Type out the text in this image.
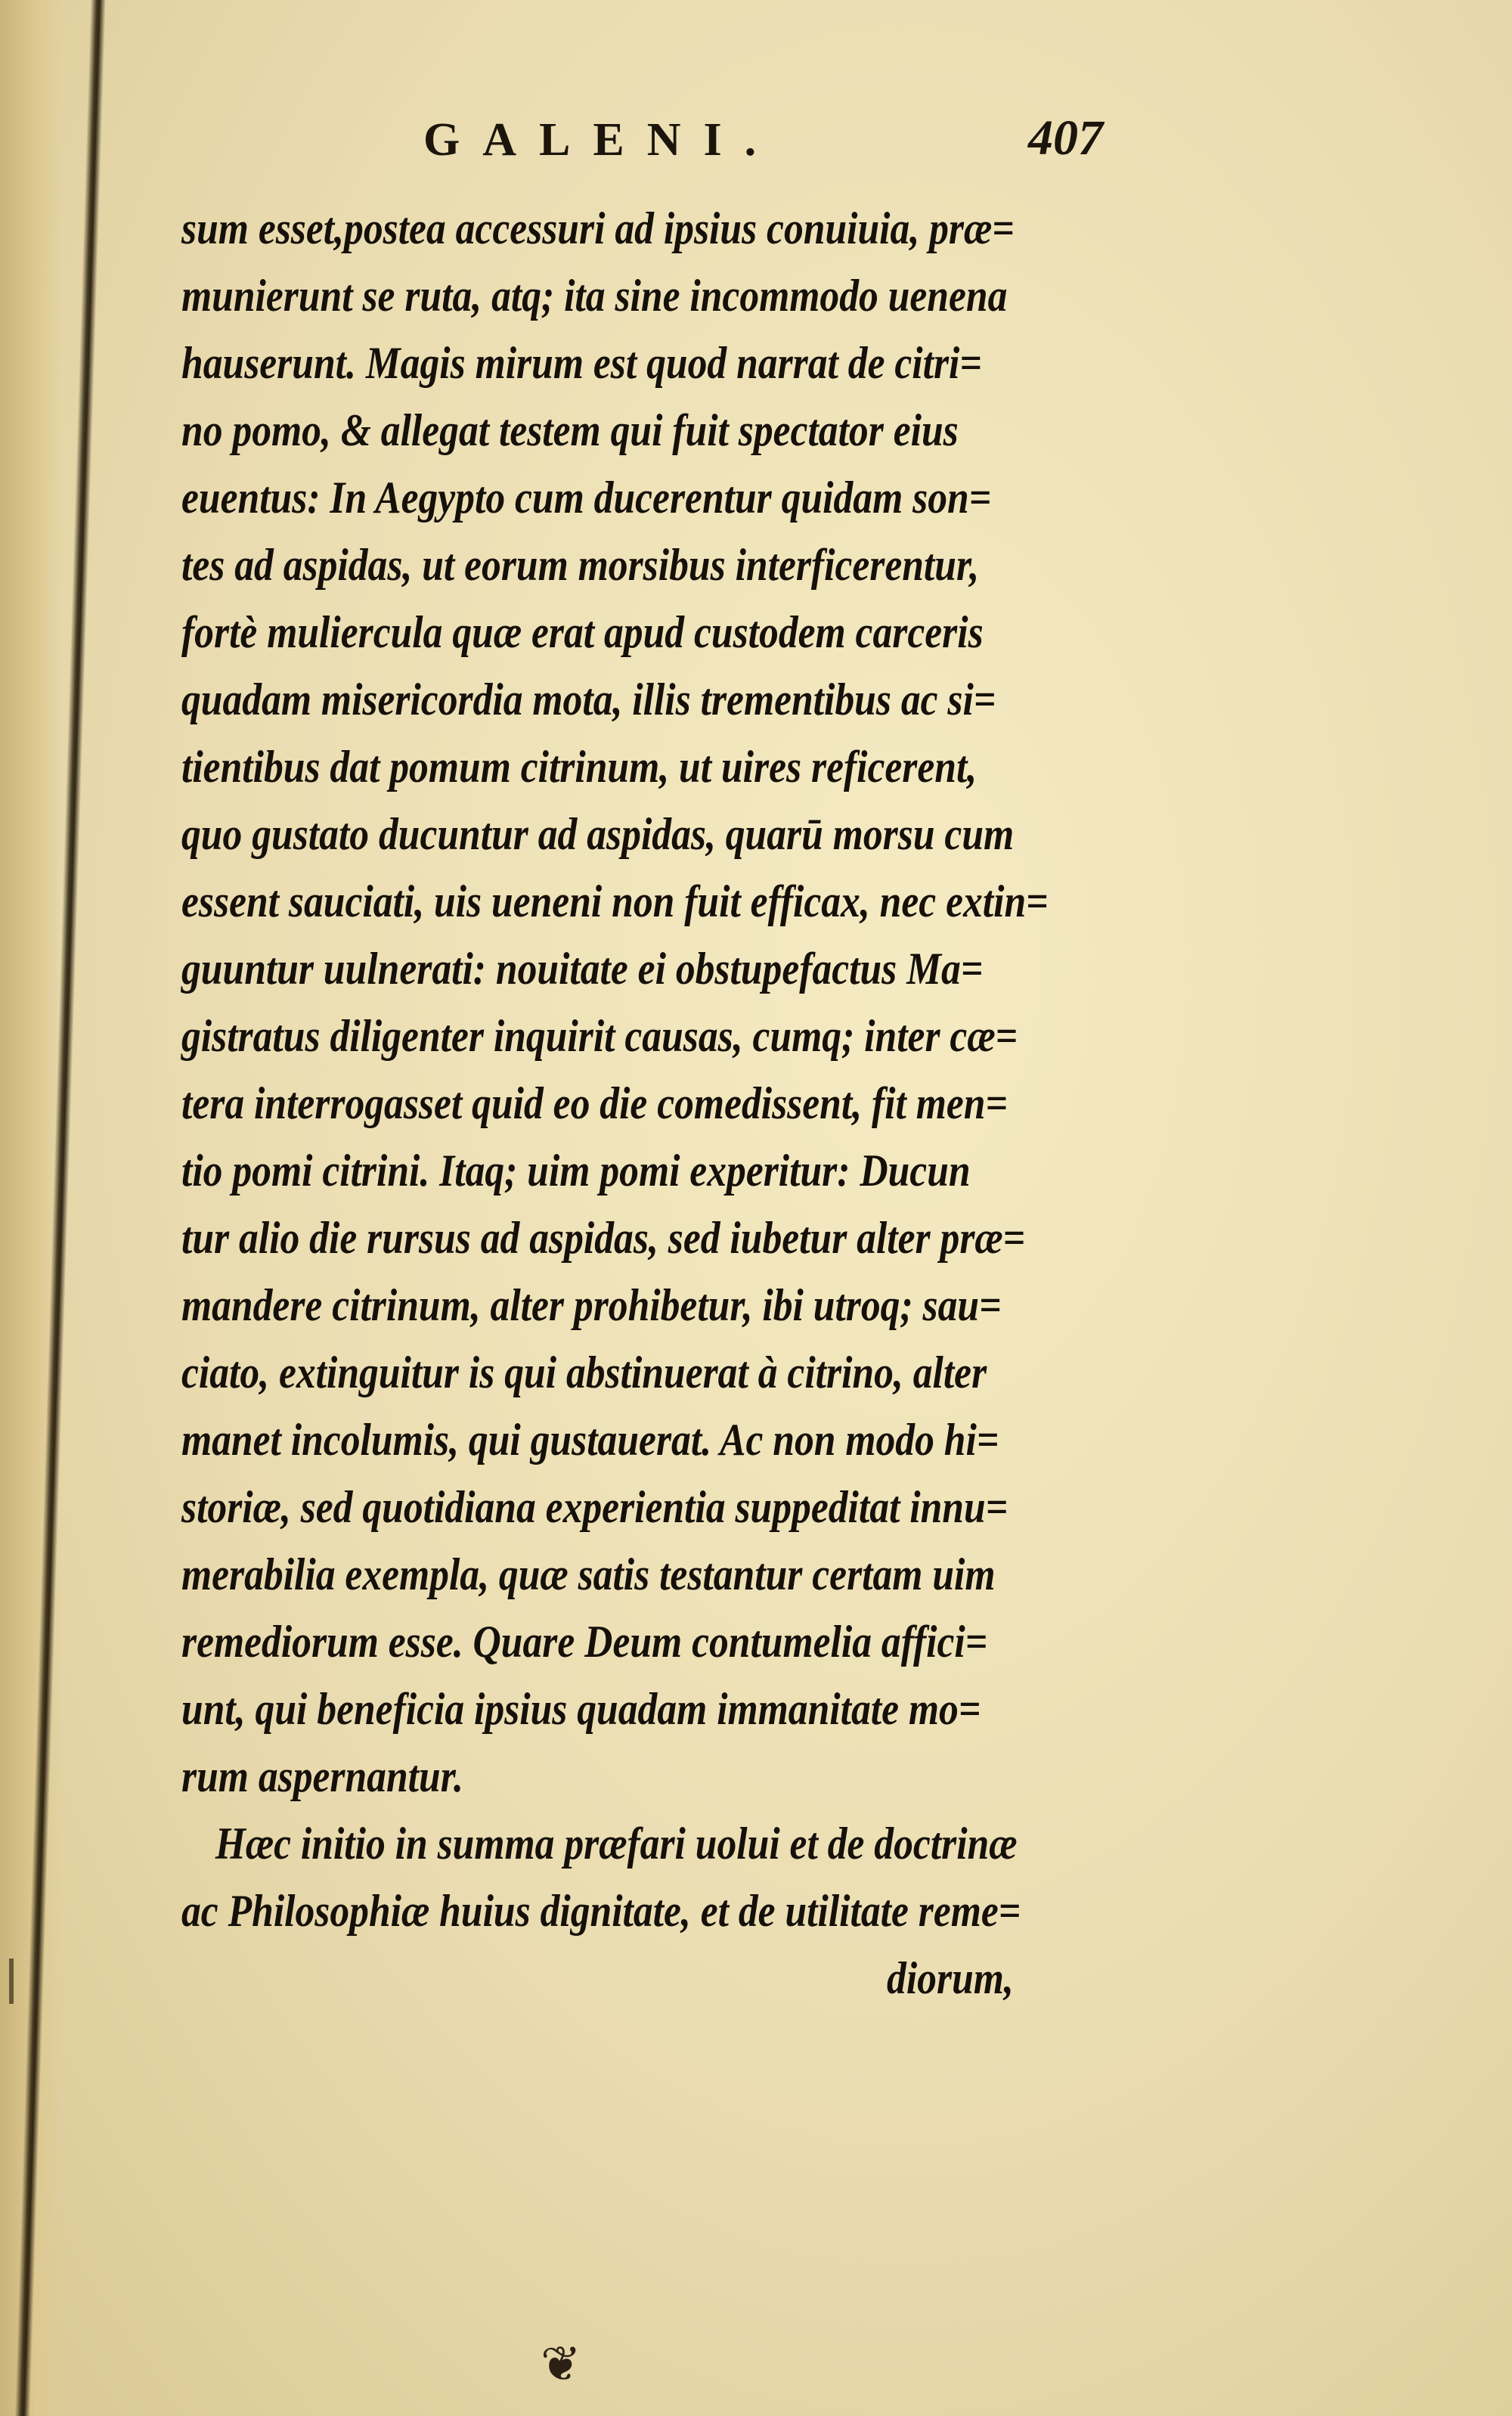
GALENI.	407
sum esset,postea accessuri ad ipsius conuiuia, præ=
munierunt se ruta, atq; ita sine incommodo uenena
hauserunt. Magis mirum est quod narrat de citri=
no pomo, & allegat testem qui fuit spectator eius
euentus: In Aegypto cum ducerentur quidam son=
tes ad aspidas, ut eorum morsibus interficerentur,
fortè muliercula quæ erat apud custodem carceris
quadam misericordia mota, illis trementibus ac si=
tientibus dat pomum citrinum, ut uires reficerent,
quo gustato ducuntur ad aspidas, quarū morsu cum
essent sauciati, uis ueneni non fuit efficax, nec extin=
guuntur uulnerati: nouitate ei obstupefactus Ma=
gistratus diligenter inquirit causas, cumq; inter cæ=
tera interrogasset quid eo die comedissent, fit men=
tio pomi citrini. Itaq; uim pomi experitur: Ducun
tur alio die rursus ad aspidas, sed iubetur alter præ=
mandere citrinum, alter prohibetur, ibi utroq; sau=
ciato, extinguitur is qui abstinuerat à citrino, alter
manet incolumis, qui gustauerat. Ac non modo hi=
storiæ, sed quotidiana experientia suppeditat innu=
merabilia exempla, quæ satis testantur certam uim
remediorum esse. Quare Deum contumelia affici=
unt, qui beneficia ipsius quadam immanitate mo=
rum aspernantur.
Hæc initio in summa præfari uolui et de doctrinæ
ac Philosophiæ huius dignitate, et de utilitate reme=
diorum,
❦
